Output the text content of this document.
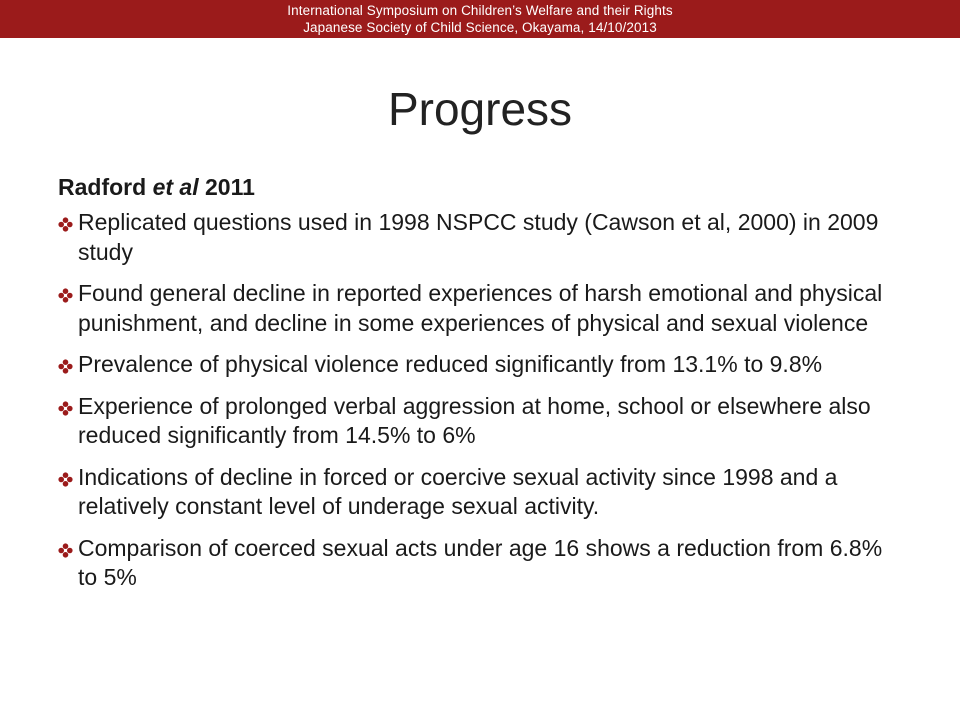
International Symposium on Children’s Welfare and their Rights
Japanese Society of Child Science, Okayama, 14/10/2013
Progress
Radford et al 2011
Replicated questions used in 1998 NSPCC study (Cawson et al, 2000) in 2009 study
Found general decline in reported experiences of harsh emotional and physical punishment, and decline in some experiences of physical and sexual violence
Prevalence of physical violence reduced significantly from 13.1% to 9.8%
Experience of prolonged verbal aggression at home, school or elsewhere also reduced significantly from 14.5% to 6%
Indications of decline in forced or coercive sexual activity since 1998 and a relatively constant level of underage sexual activity.
Comparison of coerced sexual acts under age 16 shows a reduction from 6.8% to 5%
